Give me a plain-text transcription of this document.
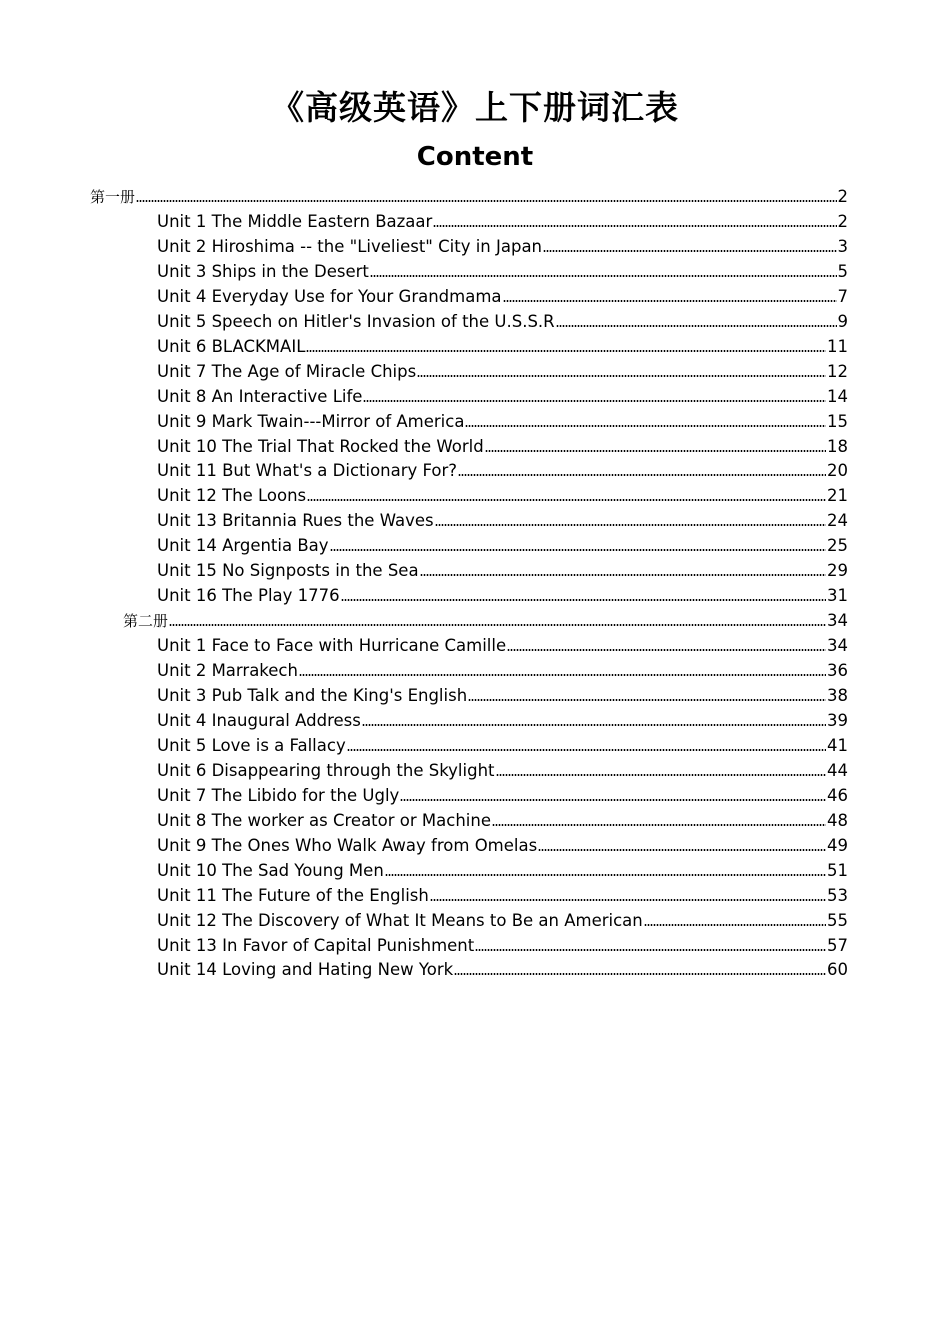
《高级英语》上下册词汇表
Content
第一册	2
Unit 1 The Middle Eastern Bazaar	2
Unit 2 Hiroshima -- the "Liveliest" City in Japan	3
Unit 3 Ships in the Desert	5
Unit 4 Everyday Use for Your Grandmama	7
Unit 5 Speech on Hitler's Invasion of the U.S.S.R	9
Unit 6 BLACKMAIL	11
Unit 7 The Age of Miracle Chips	12
Unit 8 An Interactive Life	14
Unit 9 Mark Twain---Mirror of America	15
Unit 10 The Trial That Rocked the World	18
Unit 11 But What's a Dictionary For?	20
Unit 12 The Loons	21
Unit 13 Britannia Rues the Waves	24
Unit 14 Argentia Bay	25
Unit 15 No Signposts in the Sea	29
Unit 16 The Play 1776	31
第二册	34
Unit 1 Face to Face with Hurricane Camille	34
Unit 2 Marrakech	36
Unit 3 Pub Talk and the King's English	38
Unit 4 Inaugural Address	39
Unit 5 Love is a Fallacy	41
Unit 6 Disappearing through the Skylight	44
Unit 7 The Libido for the Ugly	46
Unit 8 The worker as Creator or Machine	48
Unit 9 The Ones Who Walk Away from Omelas	49
Unit 10 The Sad Young Men	51
Unit 11 The Future of the English	53
Unit 12 The Discovery of What It Means to Be an American	55
Unit 13 In Favor of Capital Punishment	57
Unit 14 Loving and Hating New York	60
